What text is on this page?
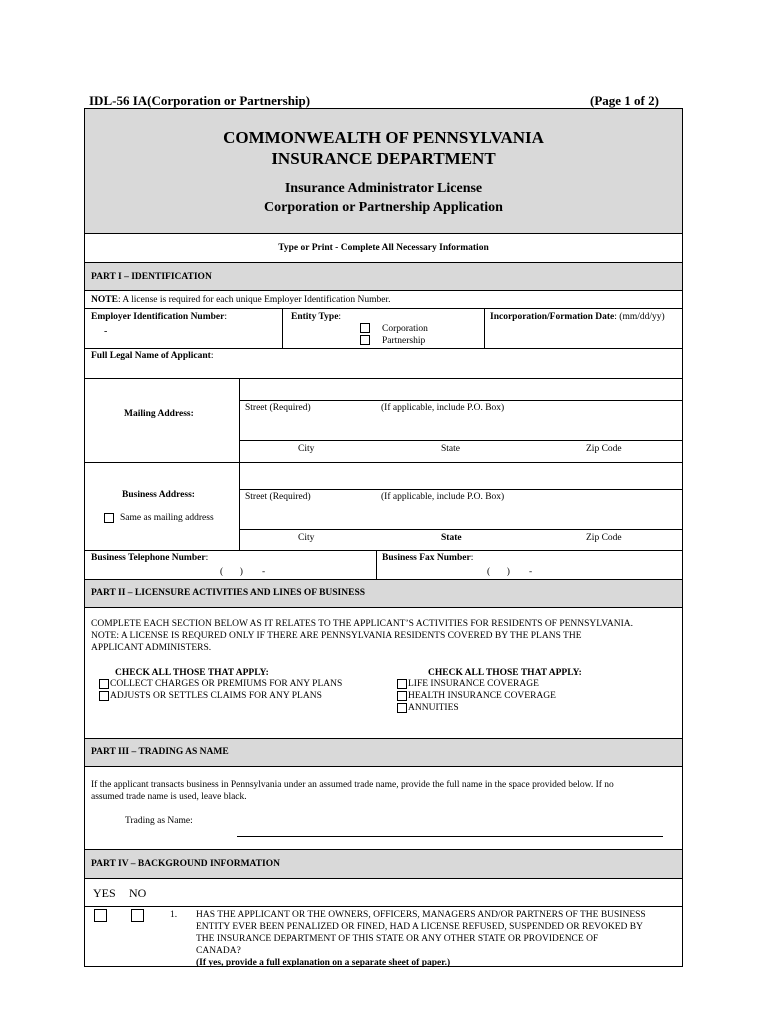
IDL-56 IA(Corporation or Partnership)	(Page 1 of 2)
COMMONWEALTH OF PENNSYLVANIA
INSURANCE DEPARTMENT
Insurance Administrator License
Corporation or Partnership Application
Type or Print - Complete All Necessary Information
PART I – IDENTIFICATION
NOTE: A license is required for each unique Employer Identification Number.
Employer Identification Number:
-
Entity Type:
Corporation
Partnership
Incorporation/Formation Date: (mm/dd/yy)
Full Legal Name of Applicant:
Mailing Address:
Street (Required)	(If applicable, include P.O. Box)
City	State	Zip Code
Business Address:
Same as mailing address
Street (Required)	(If applicable, include P.O. Box)
City	State	Zip Code
Business Telephone Number:
(       )        -
Business Fax Number:
(       )        -
PART II – LICENSURE ACTIVITIES AND LINES OF BUSINESS
COMPLETE EACH SECTION BELOW AS IT RELATES TO THE APPLICANT’S ACTIVITIES FOR RESIDENTS OF PENNSYLVANIA.
NOTE: A LICENSE IS REQURED ONLY IF THERE ARE PENNSYLVANIA RESIDENTS COVERED BY THE PLANS THE
APPLICANT ADMINISTERS.
CHECK ALL THOSE THAT APPLY:
COLLECT CHARGES OR PREMIUMS FOR ANY PLANS
ADJUSTS OR SETTLES CLAIMS FOR ANY PLANS
CHECK ALL THOSE THAT APPLY:
LIFE INSURANCE COVERAGE
HEALTH INSURANCE COVERAGE
ANNUITIES
PART III – TRADING AS NAME
If the applicant transacts business in Pennsylvania under an assumed trade name, provide the full name in the space provided below. If no
assumed trade name is used, leave black.
Trading as Name:
PART IV – BACKGROUND INFORMATION
YES NO
1. HAS THE APPLICANT OR THE OWNERS, OFFICERS, MANAGERS AND/OR PARTNERS OF THE BUSINESS
ENTITY EVER BEEN PENALIZED OR FINED, HAD A LICENSE REFUSED, SUSPENDED OR REVOKED BY
THE INSURANCE DEPARTMENT OF THIS STATE OR ANY OTHER STATE OR PROVIDENCE OF
CANADA?
(If yes, provide a full explanation on a separate sheet of paper.)
